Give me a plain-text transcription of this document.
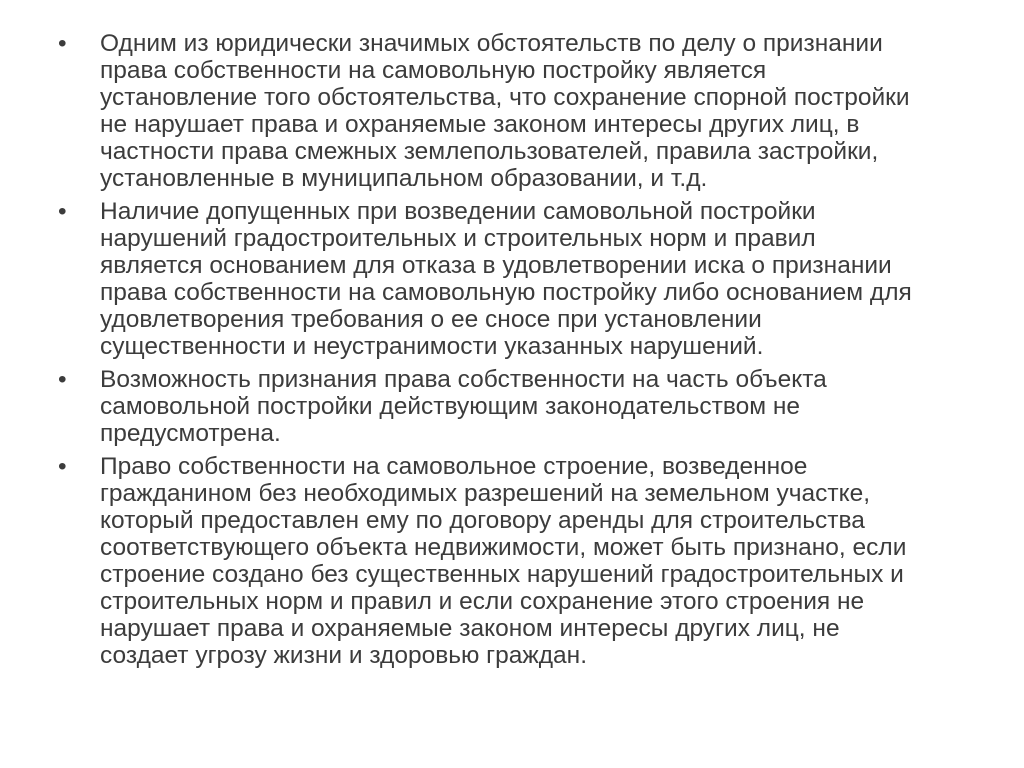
•	Одним из юридически значимых обстоятельств по делу о признании
права собственности на самовольную постройку является
установление того обстоятельства, что сохранение спорной постройки
не нарушает права и охраняемые законом интересы других лиц, в
частности права смежных землепользователей, правила застройки,
установленные в муниципальном образовании, и т.д.
•	Наличие допущенных при возведении самовольной постройки
нарушений градостроительных и строительных норм и правил
является основанием для отказа в удовлетворении иска о признании
права собственности на самовольную постройку либо основанием для
удовлетворения требования о ее сносе при установлении
существенности и неустранимости указанных нарушений.
•	Возможность признания права собственности на часть объекта
самовольной постройки действующим законодательством не
предусмотрена.
•	Право собственности на самовольное строение, возведенное
гражданином без необходимых разрешений на земельном участке,
который предоставлен ему по договору аренды для строительства
соответствующего объекта недвижимости, может быть признано, если
строение создано без существенных нарушений градостроительных и
строительных норм и правил и если сохранение этого строения не
нарушает права и охраняемые законом интересы других лиц, не
создает угрозу жизни и здоровью граждан.
